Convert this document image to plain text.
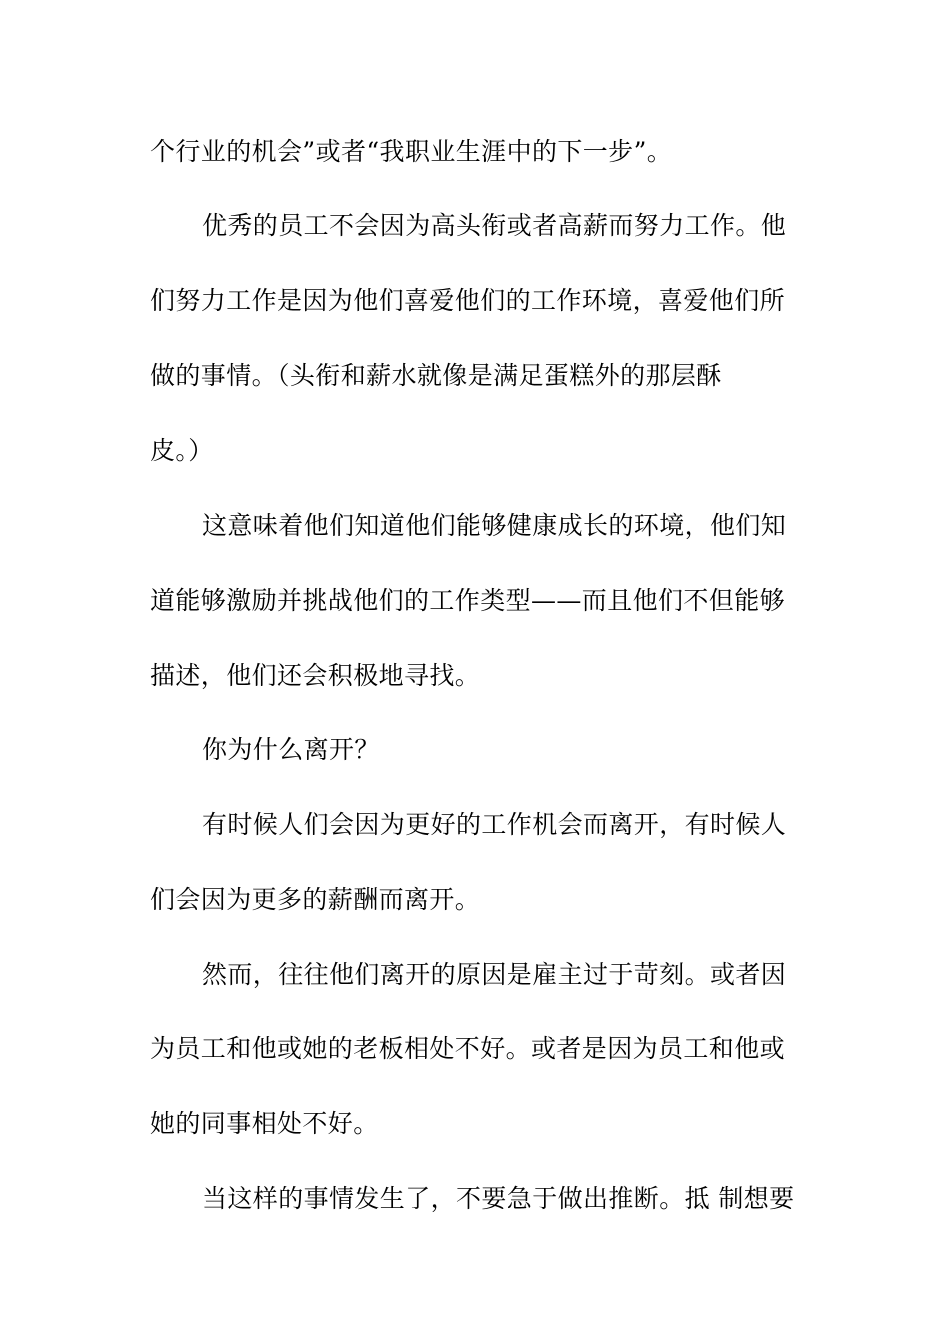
个行业的机会”或者“我职业生涯中的下一步”。
优秀的员工不会因为高头衔或者高薪而努力工作。他
们努力工作是因为他们喜爱他们的工作环境，喜爱他们所
做的事情。（头衔和薪水就像是满足蛋糕外的那层酥
皮。）
这意味着他们知道他们能够健康成长的环境，他们知
道能够激励并挑战他们的工作类型——而且他们不但能够
描述，他们还会积极地寻找。
你为什么离开？
有时候人们会因为更好的工作机会而离开，有时候人
们会因为更多的薪酬而离开。
然而，往往他们离开的原因是雇主过于苛刻。或者因
为员工和他或她的老板相处不好。或者是因为员工和他或
她的同事相处不好。
当这样的事情发生了，不要急于做出推断。抵 制想要
